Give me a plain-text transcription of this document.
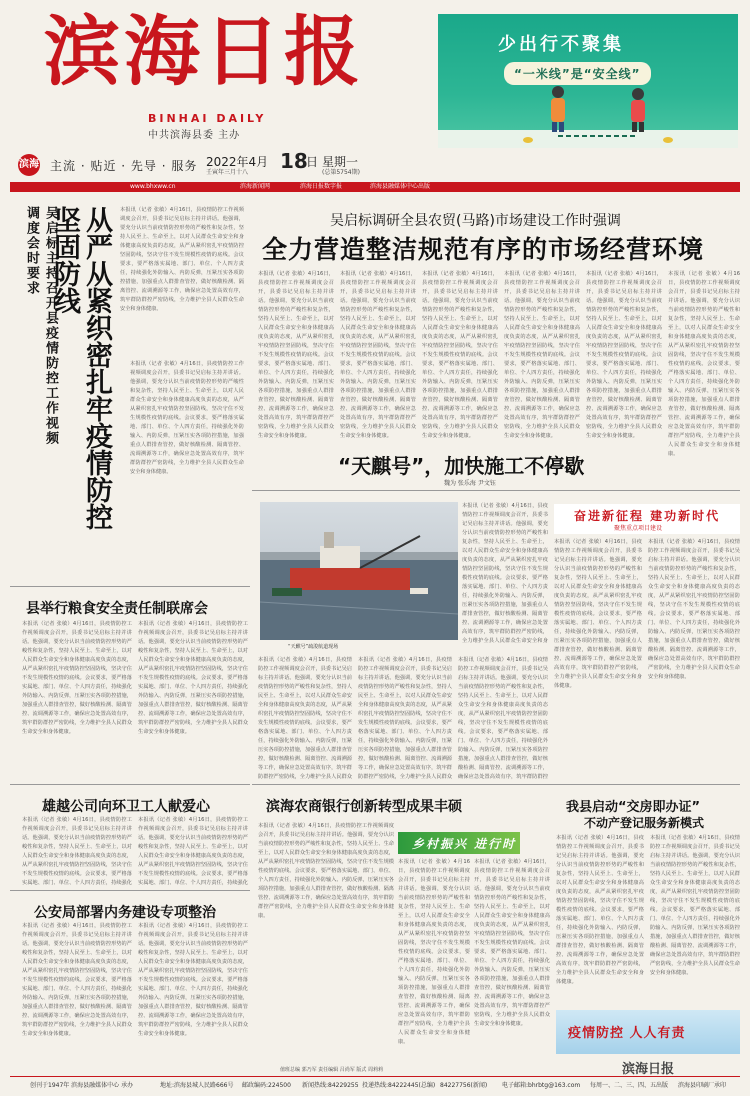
滨海日报
BINHAI DAILY
中共滨海县委 主办
少出行不聚集
“一米线”是“安全线”
滨海 主流 · 贴近 · 先导 · 服务 2022年4月 18
日
壬寅年三月十八
星期一
(总第5754期)
www.bhxww.cn	滨海新闻网	滨海日报数字报	滨海县融媒体中心出版
吴启标主持召开县疫情防控工作视频调度会时要求	从严从紧织密扎牢疫情防控坚固防线	本报讯（记者 张敏）4月16日，县疫情防控工作视频调度会召开，县委书记吴启标主持并讲话。他强调，要充分认识当前疫情防控形势的严峻性和复杂性，坚持人民至上、生命至上，以对人民群众生命安全和身体健康高度负责的态度，从严从紧织密扎牢疫情防控坚固防线，坚决守住不发生规模性疫情的底线。会议要求，要严格落实属地、部门、单位、个人四方责任，持续强化外防输入、内防反弹，压紧压实各项防控措施，加强重点人群排查管控，做好核酸检测、隔离管控、流调溯源等工作，确保应急处置高效有序，筑牢群防群控严密防线，全力维护全县人民群众生命安全和身体健康。
本报讯（记者 张敏）4月16日，县疫情防控工作视频调度会召开，县委书记吴启标主持并讲话。他强调，要充分认识当前疫情防控形势的严峻性和复杂性，坚持人民至上、生命至上，以对人民群众生命安全和身体健康高度负责的态度，从严从紧织密扎牢疫情防控坚固防线，坚决守住不发生规模性疫情的底线。会议要求，要严格落实属地、部门、单位、个人四方责任，持续强化外防输入、内防反弹，压紧压实各项防控措施，加强重点人群排查管控，做好核酸检测、隔离管控、流调溯源等工作，确保应急处置高效有序，筑牢群防群控严密防线，全力维护全县人民群众生命安全和身体健康。
吴启标调研全县农贸(马路)市场建设工作时强调
全力营造整洁规范有序的市场经营环境
本报讯（记者 张敏）4月16日，县疫情防控工作视频调度会召开，县委书记吴启标主持并讲话。他强调，要充分认识当前疫情防控形势的严峻性和复杂性，坚持人民至上、生命至上，以对人民群众生命安全和身体健康高度负责的态度，从严从紧织密扎牢疫情防控坚固防线，坚决守住不发生规模性疫情的底线。会议要求，要严格落实属地、部门、单位、个人四方责任，持续强化外防输入、内防反弹，压紧压实各项防控措施，加强重点人群排查管控，做好核酸检测、隔离管控、流调溯源等工作，确保应急处置高效有序，筑牢群防群控严密防线，全力维护全县人民群众生命安全和身体健康。
本报讯（记者 张敏）4月16日，县疫情防控工作视频调度会召开，县委书记吴启标主持并讲话。他强调，要充分认识当前疫情防控形势的严峻性和复杂性，坚持人民至上、生命至上，以对人民群众生命安全和身体健康高度负责的态度，从严从紧织密扎牢疫情防控坚固防线，坚决守住不发生规模性疫情的底线。会议要求，要严格落实属地、部门、单位、个人四方责任，持续强化外防输入、内防反弹，压紧压实各项防控措施，加强重点人群排查管控，做好核酸检测、隔离管控、流调溯源等工作，确保应急处置高效有序，筑牢群防群控严密防线，全力维护全县人民群众生命安全和身体健康。
本报讯（记者 张敏）4月16日，县疫情防控工作视频调度会召开，县委书记吴启标主持并讲话。他强调，要充分认识当前疫情防控形势的严峻性和复杂性，坚持人民至上、生命至上，以对人民群众生命安全和身体健康高度负责的态度，从严从紧织密扎牢疫情防控坚固防线，坚决守住不发生规模性疫情的底线。会议要求，要严格落实属地、部门、单位、个人四方责任，持续强化外防输入、内防反弹，压紧压实各项防控措施，加强重点人群排查管控，做好核酸检测、隔离管控、流调溯源等工作，确保应急处置高效有序，筑牢群防群控严密防线，全力维护全县人民群众生命安全和身体健康。
本报讯（记者 张敏）4月16日，县疫情防控工作视频调度会召开，县委书记吴启标主持并讲话。他强调，要充分认识当前疫情防控形势的严峻性和复杂性，坚持人民至上、生命至上，以对人民群众生命安全和身体健康高度负责的态度，从严从紧织密扎牢疫情防控坚固防线，坚决守住不发生规模性疫情的底线。会议要求，要严格落实属地、部门、单位、个人四方责任，持续强化外防输入、内防反弹，压紧压实各项防控措施，加强重点人群排查管控，做好核酸检测、隔离管控、流调溯源等工作，确保应急处置高效有序，筑牢群防群控严密防线，全力维护全县人民群众生命安全和身体健康。
本报讯（记者 张敏）4月16日，县疫情防控工作视频调度会召开，县委书记吴启标主持并讲话。他强调，要充分认识当前疫情防控形势的严峻性和复杂性，坚持人民至上、生命至上，以对人民群众生命安全和身体健康高度负责的态度，从严从紧织密扎牢疫情防控坚固防线，坚决守住不发生规模性疫情的底线。会议要求，要严格落实属地、部门、单位、个人四方责任，持续强化外防输入、内防反弹，压紧压实各项防控措施，加强重点人群排查管控，做好核酸检测、隔离管控、流调溯源等工作，确保应急处置高效有序，筑牢群防群控严密防线，全力维护全县人民群众生命安全和身体健康。
本报讯（记者 张敏）4月16日，县疫情防控工作视频调度会召开，县委书记吴启标主持并讲话。他强调，要充分认识当前疫情防控形势的严峻性和复杂性，坚持人民至上、生命至上，以对人民群众生命安全和身体健康高度负责的态度，从严从紧织密扎牢疫情防控坚固防线，坚决守住不发生规模性疫情的底线。会议要求，要严格落实属地、部门、单位、个人四方责任，持续强化外防输入、内防反弹，压紧压实各项防控措施，加强重点人群排查管控，做好核酸检测、隔离管控、流调溯源等工作，确保应急处置高效有序，筑牢群防群控严密防线，全力维护全县人民群众生命安全和身体健康。
“天麒号”，加快施工不停歇
魏为 张乐海 尹文钰
“天麒号”疏浚航道现场
本报讯（记者 张敏）4月16日，县疫情防控工作视频调度会召开，县委书记吴启标主持并讲话。他强调，要充分认识当前疫情防控形势的严峻性和复杂性，坚持人民至上、生命至上，以对人民群众生命安全和身体健康高度负责的态度，从严从紧织密扎牢疫情防控坚固防线，坚决守住不发生规模性疫情的底线。会议要求，要严格落实属地、部门、单位、个人四方责任，持续强化外防输入、内防反弹，压紧压实各项防控措施，加强重点人群排查管控，做好核酸检测、隔离管控、流调溯源等工作，确保应急处置高效有序，筑牢群防群控严密防线，全力维护全县人民群众生命安全和身
奋进新征程 建功新时代
聚焦重点项目建设
本报讯（记者 张敏）4月16日，县疫情防控工作视频调度会召开，县委书记吴启标主持并讲话。他强调，要充分认识当前疫情防控形势的严峻性和复杂性，坚持人民至上、生命至上，以对人民群众生命安全和身体健康高度负责的态度，从严从紧织密扎牢疫情防控坚固防线，坚决守住不发生规模性疫情的底线。会议要求，要严格落实属地、部门、单位、个人四方责任，持续强化外防输入、内防反弹，压紧压实各项防控措施，加强重点人群排查管控，做好核酸检测、隔离管控、流调溯源等工作，确保应急处置高效有序，筑牢群防群控严密防线，全力维护全县人民群众生命安全和身体健康。
本报讯（记者 张敏）4月16日，县疫情防控工作视频调度会召开，县委书记吴启标主持并讲话。他强调，要充分认识当前疫情防控形势的严峻性和复杂性，坚持人民至上、生命至上，以对人民群众生命安全和身体健康高度负责的态度，从严从紧织密扎牢疫情防控坚固防线，坚决守住不发生规模性疫情的底线。会议要求，要严格落实属地、部门、单位、个人四方责任，持续强化外防输入、内防反弹，压紧压实各项防控措施，加强重点人群排查管控，做好核酸检测、隔离管控、流调溯源等工作，确保应急处置高效有序，筑牢群防群控严密防线，全力维护全县人民群众生命安全和身体健康。
本报讯（记者 张敏）4月16日，县疫情防控工作视频调度会召开，县委书记吴启标主持并讲话。他强调，要充分认识当前疫情防控形势的严峻性和复杂性，坚持人民至上、生命至上，以对人民群众生命安全和身体健康高度负责的态度，从严从紧织密扎牢疫情防控坚固防线，坚决守住不发生规模性疫情的底线。会议要求，要严格落实属地、部门、单位、个人四方责任，持续强化外防输入、内防反弹，压紧压实各项防控措施，加强重点人群排查管控，做好核酸检测、隔离管控、流调溯源等工作，确保应急处置高效有序，筑牢群防群控严密防线，全力维护全县人民群众
本报讯（记者 张敏）4月16日，县疫情防控工作视频调度会召开，县委书记吴启标主持并讲话。他强调，要充分认识当前疫情防控形势的严峻性和复杂性，坚持人民至上、生命至上，以对人民群众生命安全和身体健康高度负责的态度，从严从紧织密扎牢疫情防控坚固防线，坚决守住不发生规模性疫情的底线。会议要求，要严格落实属地、部门、单位、个人四方责任，持续强化外防输入、内防反弹，压紧压实各项防控措施，加强重点人群排查管控，做好核酸检测、隔离管控、流调溯源等工作，确保应急处置高效有序，筑牢群防群控严密防线，全力维护全县人民群众
本报讯（记者 张敏）4月16日，县疫情防控工作视频调度会召开，县委书记吴启标主持并讲话。他强调，要充分认识当前疫情防控形势的严峻性和复杂性，坚持人民至上、生命至上，以对人民群众生命安全和身体健康高度负责的态度，从严从紧织密扎牢疫情防控坚固防线，坚决守住不发生规模性疫情的底线。会议要求，要严格落实属地、部门、单位、个人四方责任，持续强化外防输入、内防反弹，压紧压实各项防控措施，加强重点人群排查管控，做好核酸检测、隔离管控、流调溯源等工作，确保应急处置高效有序，筑牢群防群控
县举行粮食安全责任制联席会
本报讯（记者 张敏）4月16日，县疫情防控工作视频调度会召开，县委书记吴启标主持并讲话。他强调，要充分认识当前疫情防控形势的严峻性和复杂性，坚持人民至上、生命至上，以对人民群众生命安全和身体健康高度负责的态度，从严从紧织密扎牢疫情防控坚固防线，坚决守住不发生规模性疫情的底线。会议要求，要严格落实属地、部门、单位、个人四方责任，持续强化外防输入、内防反弹，压紧压实各项防控措施，加强重点人群排查管控，做好核酸检测、隔离管控、流调溯源等工作，确保应急处置高效有序，筑牢群防群控严密防线，全力维护全县人民群众生命安全和身体健康。
本报讯（记者 张敏）4月16日，县疫情防控工作视频调度会召开，县委书记吴启标主持并讲话。他强调，要充分认识当前疫情防控形势的严峻性和复杂性，坚持人民至上、生命至上，以对人民群众生命安全和身体健康高度负责的态度，从严从紧织密扎牢疫情防控坚固防线，坚决守住不发生规模性疫情的底线。会议要求，要严格落实属地、部门、单位、个人四方责任，持续强化外防输入、内防反弹，压紧压实各项防控措施，加强重点人群排查管控，做好核酸检测、隔离管控、流调溯源等工作，确保应急处置高效有序，筑牢群防群控严密防线，全力维护全县人民群众生命安全和身体健康。
雄越公司向环卫工人献爱心
本报讯（记者 张敏）4月16日，县疫情防控工作视频调度会召开，县委书记吴启标主持并讲话。他强调，要充分认识当前疫情防控形势的严峻性和复杂性，坚持人民至上、生命至上，以对人民群众生命安全和身体健康高度负责的态度，从严从紧织密扎牢疫情防控坚固防线，坚决守住不发生规模性疫情的底线。会议要求，要严格落实属地、部门、单位、个人四方责任，持续强化
本报讯（记者 张敏）4月16日，县疫情防控工作视频调度会召开，县委书记吴启标主持并讲话。他强调，要充分认识当前疫情防控形势的严峻性和复杂性，坚持人民至上、生命至上，以对人民群众生命安全和身体健康高度负责的态度，从严从紧织密扎牢疫情防控坚固防线，坚决守住不发生规模性疫情的底线。会议要求，要严格落实属地、部门、单位、个人四方责任，持续强化
公安局部署内务建设专项整治
本报讯（记者 张敏）4月16日，县疫情防控工作视频调度会召开，县委书记吴启标主持并讲话。他强调，要充分认识当前疫情防控形势的严峻性和复杂性，坚持人民至上、生命至上，以对人民群众生命安全和身体健康高度负责的态度，从严从紧织密扎牢疫情防控坚固防线，坚决守住不发生规模性疫情的底线。会议要求，要严格落实属地、部门、单位、个人四方责任，持续强化外防输入、内防反弹，压紧压实各项防控措施，加强重点人群排查管控，做好核酸检测、隔离管控、流调溯源等工作，确保应急处置高效有序，筑牢群防群控严密防线，全力维护全县人民群众生命安全和身体健康。
本报讯（记者 张敏）4月16日，县疫情防控工作视频调度会召开，县委书记吴启标主持并讲话。他强调，要充分认识当前疫情防控形势的严峻性和复杂性，坚持人民至上、生命至上，以对人民群众生命安全和身体健康高度负责的态度，从严从紧织密扎牢疫情防控坚固防线，坚决守住不发生规模性疫情的底线。会议要求，要严格落实属地、部门、单位、个人四方责任，持续强化外防输入、内防反弹，压紧压实各项防控措施，加强重点人群排查管控，做好核酸检测、隔离管控、流调溯源等工作，确保应急处置高效有序，筑牢群防群控严密防线，全力维护全县人民群众生命安全和身体健康。
滨海农商银行创新转型成果丰硕
乡村振兴 进行时
本报讯（记者 张敏）4月16日，县疫情防控工作视频调度会召开，县委书记吴启标主持并讲话。他强调，要充分认识当前疫情防控形势的严峻性和复杂性，坚持人民至上、生命至上，以对人民群众生命安全和身体健康高度负责的态度，从严从紧织密扎牢疫情防控坚固防线，坚决守住不发生规模性疫情的底线。会议要求，要严格落实属地、部门、单位、个人四方责任，持续强化外防输入、内防反弹，压紧压实各项防控措施，加强重点人群排查管控，做好核酸检测、隔离管控、流调溯源等工作，确保应急处置高效有序，筑牢群防群控严密防线，全力维护全县人民群众生命安全和身体健康。
本报讯（记者 张敏）4月16日，县疫情防控工作视频调度会召开，县委书记吴启标主持并讲话。他强调，要充分认识当前疫情防控形势的严峻性和复杂性，坚持人民至上、生命至上，以对人民群众生命安全和身体健康高度负责的态度，从严从紧织密扎牢疫情防控坚固防线，坚决守住不发生规模性疫情的底线。会议要求，要严格落实属地、部门、单位、个人四方责任，持续强化外防输入、内防反弹，压紧压实各项防控措施，加强重点人群排查管控，做好核酸检测、隔离管控、流调溯源等工作，确保应急处置高效有序，筑牢群防群控严密防线，全力维护全县人民群众生命安全和身体健康。
本报讯（记者 张敏）4月16日，县疫情防控工作视频调度会召开，县委书记吴启标主持并讲话。他强调，要充分认识当前疫情防控形势的严峻性和复杂性，坚持人民至上、生命至上，以对人民群众生命安全和身体健康高度负责的态度，从严从紧织密扎牢疫情防控坚固防线，坚决守住不发生规模性疫情的底线。会议要求，要严格落实属地、部门、单位、个人四方责任，持续强化外防输入、内防反弹，压紧压实各项防控措施，加强重点人群排查管控，做好核酸检测、隔离管控、流调溯源等工作，确保应急处置高效有序，筑牢群防群控严密防线，全力维护全县人民群众生命安全和身体健康。
我县启动“交房即办证”
不动产登记服务新模式
本报讯（记者 张敏）4月16日，县疫情防控工作视频调度会召开，县委书记吴启标主持并讲话。他强调，要充分认识当前疫情防控形势的严峻性和复杂性，坚持人民至上、生命至上，以对人民群众生命安全和身体健康高度负责的态度，从严从紧织密扎牢疫情防控坚固防线，坚决守住不发生规模性疫情的底线。会议要求，要严格落实属地、部门、单位、个人四方责任，持续强化外防输入、内防反弹，压紧压实各项防控措施，加强重点人群排查管控，做好核酸检测、隔离管控、流调溯源等工作，确保应急处置高效有序，筑牢群防群控严密防线，全力维护全县人民群众生命安全和身体健康。
本报讯（记者 张敏）4月16日，县疫情防控工作视频调度会召开，县委书记吴启标主持并讲话。他强调，要充分认识当前疫情防控形势的严峻性和复杂性，坚持人民至上、生命至上，以对人民群众生命安全和身体健康高度负责的态度，从严从紧织密扎牢疫情防控坚固防线，坚决守住不发生规模性疫情的底线。会议要求，要严格落实属地、部门、单位、个人四方责任，持续强化外防输入、内防反弹，压紧压实各项防控措施，加强重点人群排查管控，做好核酸检测、隔离管控、流调溯源等工作，确保应急处置高效有序，筑牢群防群控严密防线，全力维护全县人民群众生命安全和身体健康。
疫情防控 人人有责
滨海日报
值班总编 郭乃军 责任编辑 吕尚军 版式 周莉莉
创刊于1947年 滨海县融媒体中心 承办	地址:滨海县城人民路666号 邮政编码:224500 新闻热线:84229255 投递热线:84222445(总编) 84227756(新闻) 电子邮箱:bhrbtg@163.com 每周一、二、三、四、五出版 滨海县印刷厂承印
